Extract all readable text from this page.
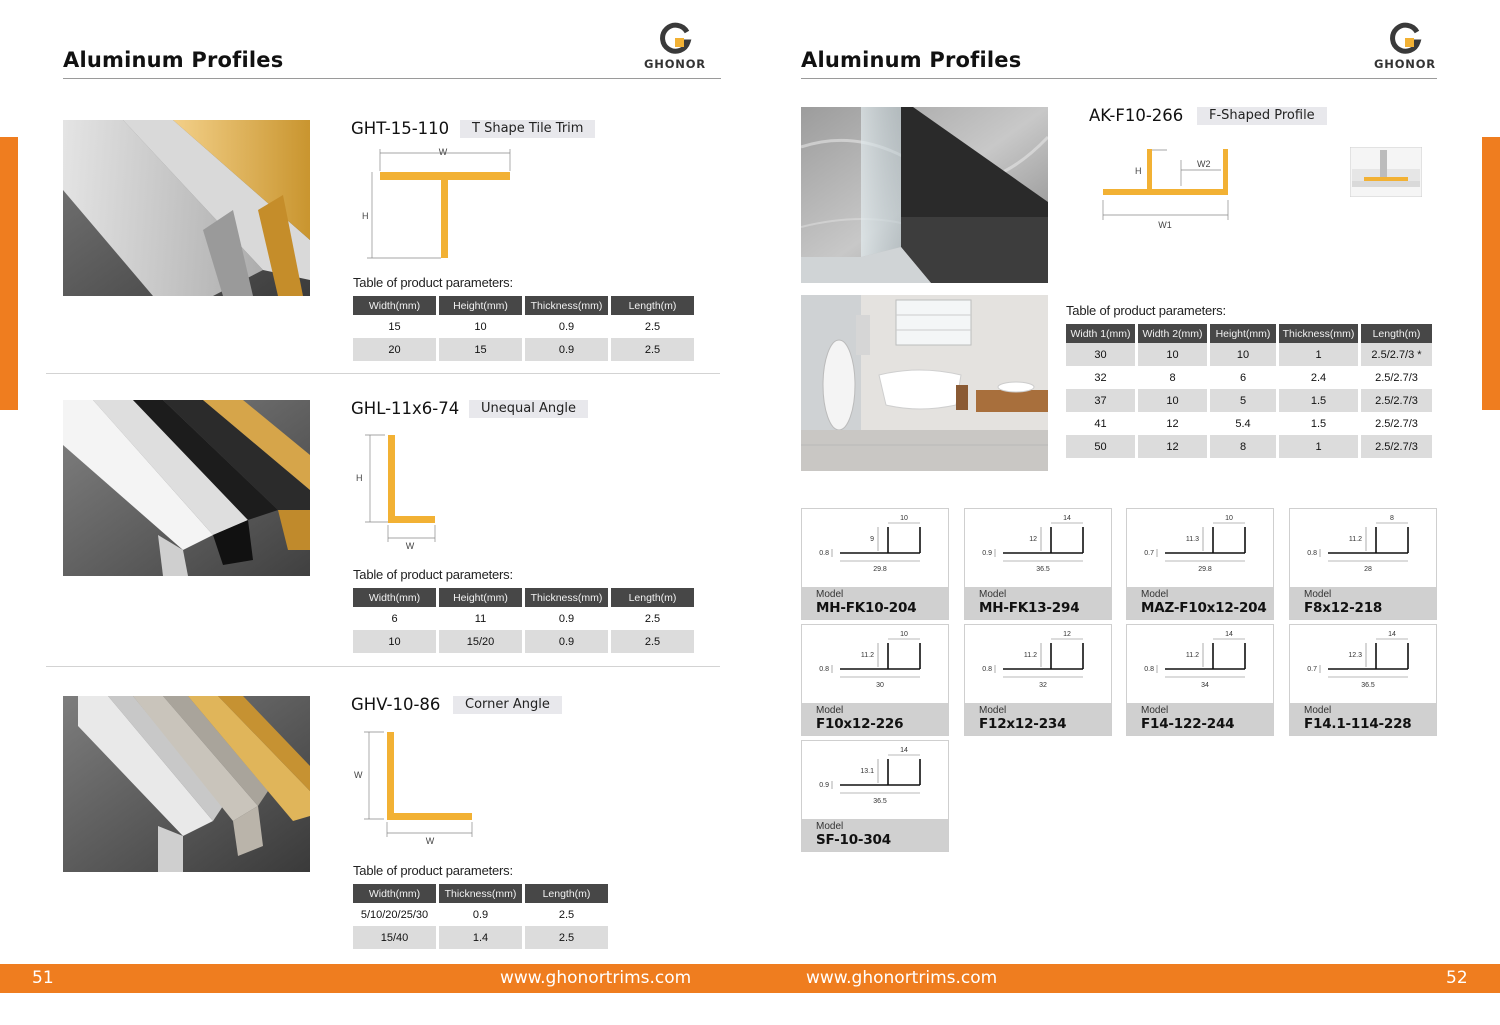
Aluminum Profiles	GHONOR	Aluminum Profiles	GHONOR
GHT-15-110	T Shape Tile Trim
W
H
Table of product parameters:
Width(mm)	Height(mm)	Thickness(mm)	Length(m)
15	10	0.9	2.5
20	15	0.9	2.5
GHL-11x6-74	Unequal Angle
H
W
Table of product parameters:
Width(mm)	Height(mm)	Thickness(mm)	Length(m)
6	11	0.9	2.5
10	15/20	0.9	2.5
GHV-10-86	Corner Angle
W
W
Table of product parameters:
Width(mm)	Thickness(mm)	Length(m)
5/10/20/25/30	0.9	2.5
15/40	1.4	2.5
AK-F10-266	F-Shaped Profile
H
W2
W1
Table of product parameters:
Width 1(mm)	Width 2(mm)	Height(mm)	Thickness(mm)	Length(m)
30	10	10	1	2.5/2.7/3 *
32	8	6	2.4	2.5/2.7/3
37	10	5	1.5	2.5/2.7/3
41	12	5.4	1.5	2.5/2.7/3
50	12	8	1	2.5/2.7/3
10
9
0.8
29.8
Model
MH-FK10-204
14
12
0.9
36.5
Model
MH-FK13-294
10
11.3
0.7
29.8
Model
MAZ-F10x12-204
8
11.2
0.8
28
Model
F8x12-218
10
11.2
0.8
30
Model
F10x12-226
12
11.2
0.8
32
Model
F12x12-234
14
11.2
0.8
34
Model
F14-122-244
14
12.3
0.7
36.5
Model
F14.1-114-228
14
13.1
0.9
36.5
Model
SF-10-304
51	www.ghonortrims.com	www.ghonortrims.com	52
